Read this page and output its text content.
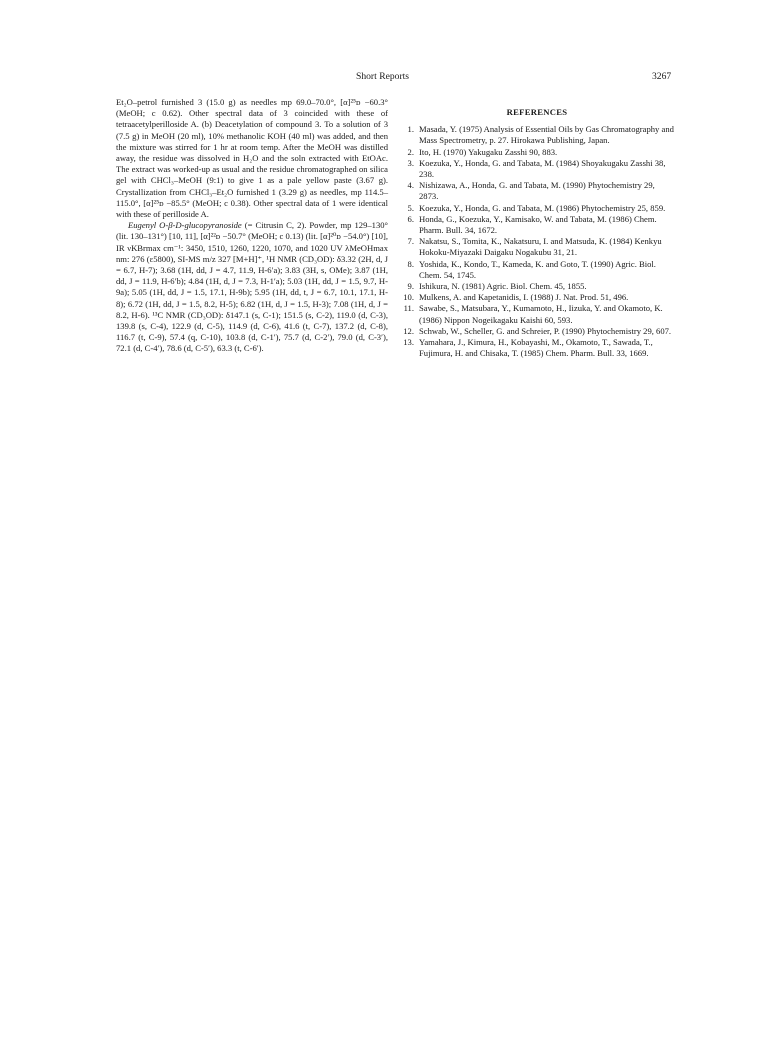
Short Reports	3267

Et₂O–petrol furnished 3 (15.0 g) as needles mp 69.0–70.0°, [α]²⁵ᴅ −60.3° (MeOH; c 0.62). Other spectral data of 3 coincided with these of tetraacetylperilloside A. (b) Deacetylation of compound 3. To a solution of 3 (7.5 g) in MeOH (20 ml), 10% methanolic KOH (40 ml) was added, and then the mixture was stirred for 1 hr at room temp. After the MeOH was distilled away, the residue was dissolved in H₂O and the soln extracted with EtOAc. The extract was worked-up as usual and the residue chromatographed on silica gel with CHCl₃–MeOH (9:1) to give 1 as a pale yellow paste (3.67 g). Crystallization from CHCl₃–Et₂O furnished 1 (3.29 g) as needles, mp 114.5–115.0°, [α]²⁵ᴅ −85.5° (MeOH; c 0.38). Other spectral data of 1 were identical with these of perilloside A.

Eugenyl O-β-D-glucopyranoside (= Citrusin C, 2). Powder, mp 129–130° (lit. 130–131°) [10, 11], [α]²²ᴅ −50.7° (MeOH; c 0.13) (lit. [α]²⁰ᴅ −54.0°) [10], IR νKBrmax cm⁻¹: 3450, 1510, 1260, 1220, 1070, and 1020 UV λMeOHmax nm: 276 (ε5800), SI-MS m/z 327 [M+H]⁺, ¹H NMR (CD₃OD): δ3.32 (2H, d, J = 6.7, H-7); 3.68 (1H, dd, J = 4.7, 11.9, H-6′a); 3.83 (3H, s, OMe); 3.87 (1H, dd, J = 11.9, H-6′b); 4.84 (1H, d, J = 7.3, H-1′a); 5.03 (1H, dd, J = 1.5, 9.7, H-9a); 5.05 (1H, dd, J = 1.5, 17.1, H-9b); 5.95 (1H, dd, t, J = 6.7, 10.1, 17.1, H-8); 6.72 (1H, dd, J = 1.5, 8.2, H-5); 6.82 (1H, d, J = 1.5, H-3); 7.08 (1H, d, J = 8.2, H-6). ¹³C NMR (CD₃OD): δ147.1 (s, C-1); 151.5 (s, C-2), 119.0 (d, C-3), 139.8 (s, C-4), 122.9 (d, C-5), 114.9 (d, C-6), 41.6 (t, C-7), 137.2 (d, C-8), 116.7 (t, C-9), 57.4 (q, C-10), 103.8 (d, C-1′), 75.7 (d, C-2′), 79.0 (d, C-3′), 72.1 (d, C-4′), 78.6 (d, C-5′), 63.3 (t, C-6′).

REFERENCES
1. Masada, Y. (1975) Analysis of Essential Oils by Gas Chromatography and Mass Spectrometry, p. 27. Hirokawa Publishing, Japan.
2. Ito, H. (1970) Yakugaku Zasshi 90, 883.
3. Koezuka, Y., Honda, G. and Tabata, M. (1984) Shoyakugaku Zasshi 38, 238.
4. Nishizawa, A., Honda, G. and Tabata, M. (1990) Phytochemistry 29, 2873.
5. Koezuka, Y., Honda, G. and Tabata, M. (1986) Phytochemistry 25, 859.
6. Honda, G., Koezuka, Y., Kamisako, W. and Tabata, M. (1986) Chem. Pharm. Bull. 34, 1672.
7. Nakatsu, S., Tomita, K., Nakatsuru, I. and Matsuda, K. (1984) Kenkyu Hokoku-Miyazaki Daigaku Nogakubu 31, 21.
8. Yoshida, K., Kondo, T., Kameda, K. and Goto, T. (1990) Agric. Biol. Chem. 54, 1745.
9. Ishikura, N. (1981) Agric. Biol. Chem. 45, 1855.
10. Mulkens, A. and Kapetanidis, I. (1988) J. Nat. Prod. 51, 496.
11. Sawabe, S., Matsubara, Y., Kumamoto, H., Iizuka, Y. and Okamoto, K. (1986) Nippon Nogeikagaku Kaishi 60, 593.
12. Schwab, W., Scheller, G. and Schreier, P. (1990) Phytochemistry 29, 607.
13. Yamahara, J., Kimura, H., Kobayashi, M., Okamoto, T., Sawada, T., Fujimura, H. and Chisaka, T. (1985) Chem. Pharm. Bull. 33, 1669.
